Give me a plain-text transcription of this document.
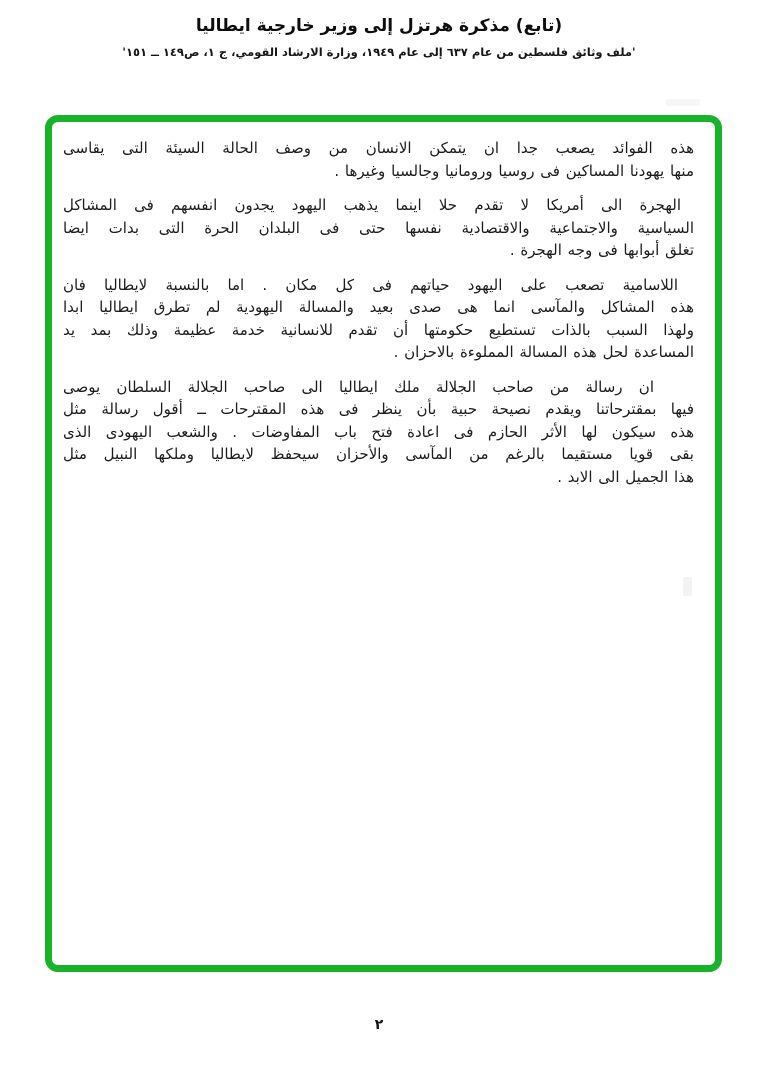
(تابع) مذكرة هرتزل إلى وزير خارجية ايطاليا
'ملف وثائق فلسطين من عام ٦٣٧ إلى عام ١٩٤٩، وزارة الارشاد القومي، ج ١، ص١٤٩ ــ ١٥١'
هذه الفوائد يصعب جدا ان يتمكن الانسان من وصف الحالة السيئة التى يقاسى
منها يهودنا المساكين فى روسيا ورومانيا وجالسيا وغيرها .
الهجرة الى أمريكا لا تقدم حلا اينما يذهب اليهود يجدون انفسهم فى المشاكل
السياسية والاجتماعية والاقتصادية نفسها حتى فى البلدان الحرة التى بدات ايضا
تغلق أبوابها فى وجه الهجرة .
اللاسامية تصعب على اليهود حياتهم فى كل مكان . اما بالنسبة لايطاليا فان
هذه المشاكل والمآسى انما هى صدى بعيد والمسالة اليهودية لم تطرق ايطاليا ابدا
ولهذا السبب بالذات تستطيع حكومتها أن تقدم للانسانية خدمة عظيمة وذلك بمد يد
المساعدة لحل هذه المسالة المملوءة بالاحزان .
ان رسالة من صاحب الجلالة ملك ايطاليا الى صاحب الجلالة السلطان يوصى
فيها بمقترحاتنا ويقدم نصيحة حبية بأن ينظر فى هذه المقترحات ــ أقول رسالة مثل
هذه سيكون لها الأثر الحازم فى اعادة فتح باب المفاوضات . والشعب اليهودى الذى
بقى قويا مستقيما بالرغم من المآسى والأحزان سيحفظ لايطاليا وملكها النبيل مثل
هذا الجميل الى الابد .
٢
